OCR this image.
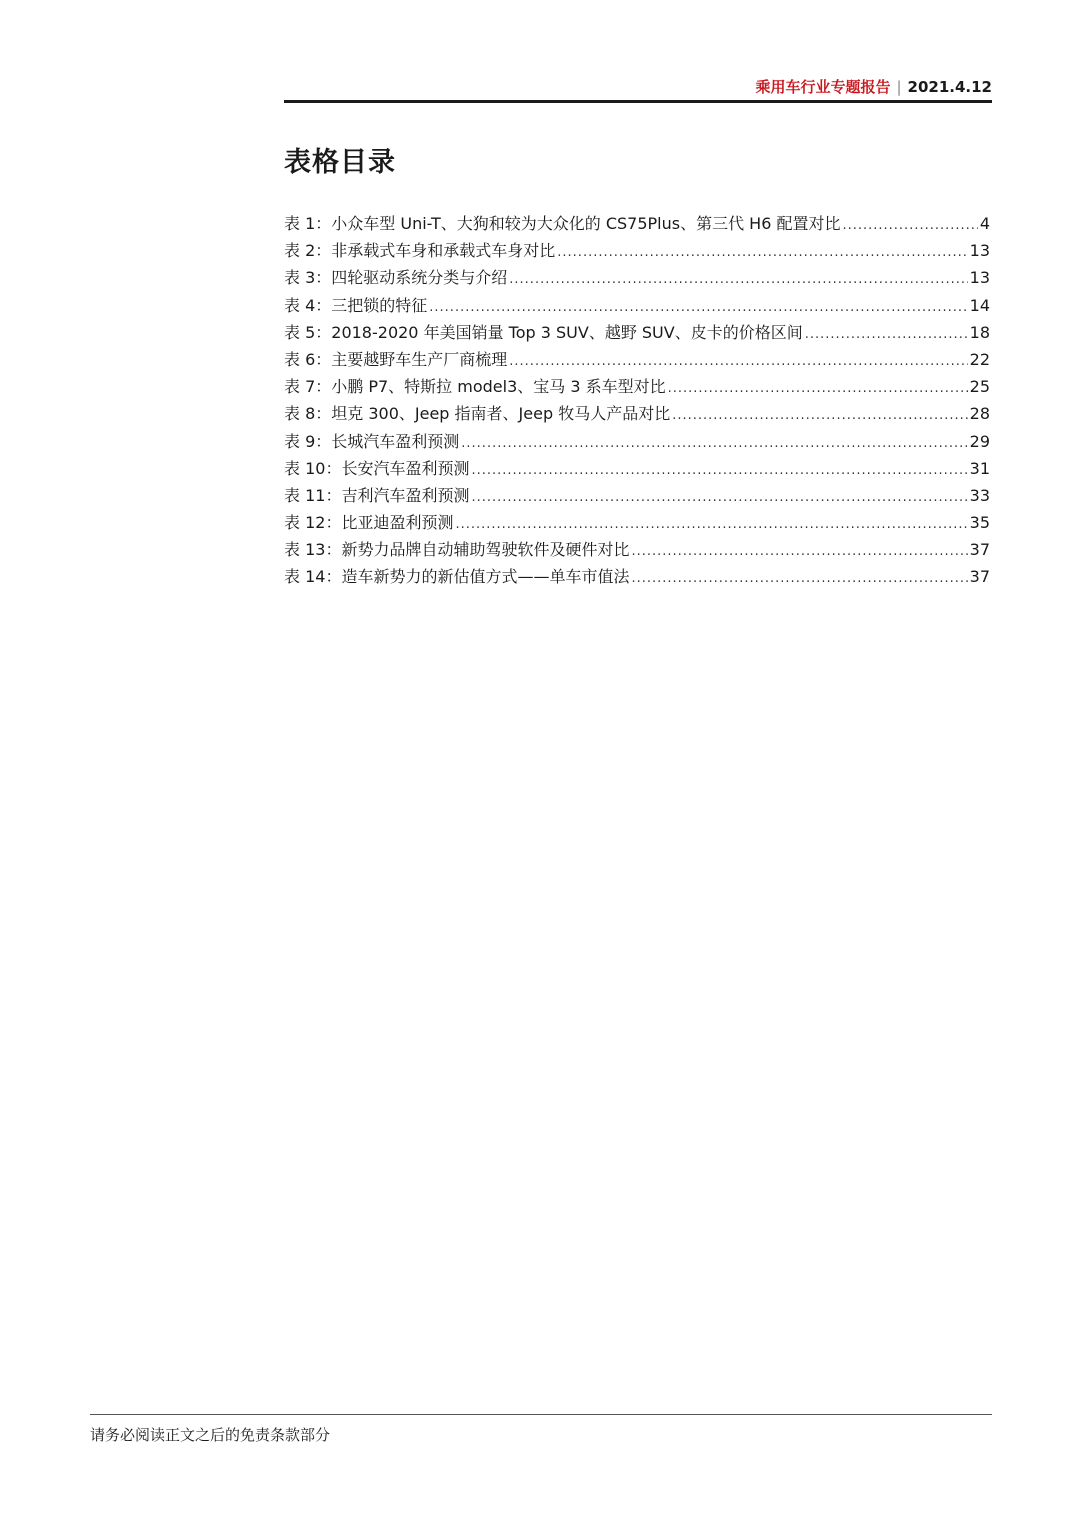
乘用车行业专题报告 | 2021.4.12
表格目录
表 1：小众车型 Uni-T、大狗和较为大众化的 CS75Plus、第三代 H6 配置对比 .....	4
表 2：非承载式车身和承载式车身对比 .....	13
表 3：四轮驱动系统分类与介绍 .....	13
表 4：三把锁的特征 .....	14
表 5：2018-2020 年美国销量 Top 3 SUV、越野 SUV、皮卡的价格区间 .....	18
表 6：主要越野车生产厂商梳理 .....	22
表 7：小鹏 P7、特斯拉 model3、宝马 3 系车型对比 .....	25
表 8：坦克 300、Jeep 指南者、Jeep 牧马人产品对比 .....	28
表 9：长城汽车盈利预测 .....	29
表 10：长安汽车盈利预测 .....	31
表 11：吉利汽车盈利预测 .....	33
表 12：比亚迪盈利预测 .....	35
表 13：新势力品牌自动辅助驾驶软件及硬件对比 .....	37
表 14：造车新势力的新估值方式——单车市值法 .....	37
请务必阅读正文之后的免责条款部分
